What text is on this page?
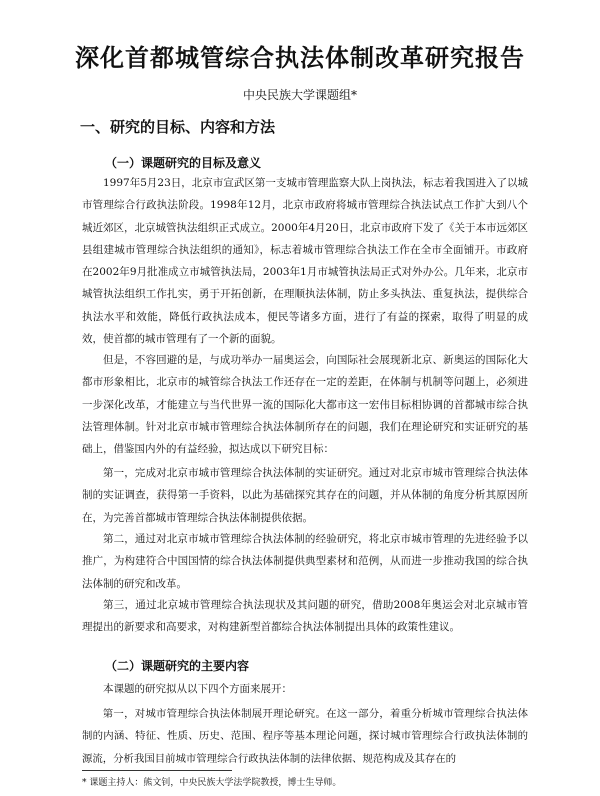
深化首都城管综合执法体制改革研究报告
中央民族大学课题组*
一、研究的目标、内容和方法
（一）课题研究的目标及意义

1997年5月23日，北京市宣武区第一支城市管理监察大队上岗执法，标志着我国进入了以城市管理综合行政执法阶段。1998年12月，北京市政府将城市管理综合执法试点工作扩大到八个城近郊区，北京城管执法组织正式成立。2000年4月20日，北京市政府下发了《关于本市远郊区县组建城市管理综合执法组织的通知》，标志着城市管理综合执法工作在全市全面铺开。市政府在2002年9月批准成立市城管执法局，2003年1月市城管执法局正式对外办公。几年来，北京市城管执法组织工作扎实，勇于开拓创新，在理顺执法体制，防止多头执法、重复执法，提供综合执法水平和效能，降低行政执法成本，便民等诸多方面，进行了有益的探索，取得了明显的成效，使首都的城市管理有了一个新的面貌。

但是，不容回避的是，与成功举办一届奥运会，向国际社会展现新北京、新奥运的国际化大都市形象相比，北京市的城管综合执法工作还存在一定的差距，在体制与机制等问题上，必须进一步深化改革，才能建立与当代世界一流的国际化大都市这一宏伟目标相协调的首都城市综合执法管理体制。针对北京市城市管理综合执法体制所存在的问题，我们在理论研究和实证研究的基础上，借鉴国内外的有益经验，拟达成以下研究目标：

第一，完成对北京市城市管理综合执法体制的实证研究。通过对北京市城市管理综合执法体制的实证调查，获得第一手资料，以此为基础探究其存在的问题，并从体制的角度分析其原因所在，为完善首都城市管理综合执法体制提供依据。

第二，通过对北京市城市管理综合执法体制的经验研究，将北京市城市管理的先进经验予以推广，为构建符合中国国情的综合执法体制提供典型素材和范例，从而进一步推动我国的综合执法体制的研究和改革。

第三，通过北京城市管理综合执法现状及其问题的研究，借助2008年奥运会对北京城市管理提出的新要求和高要求，对构建新型首都综合执法体制提出具体的政策性建议。

（二）课题研究的主要内容

本课题的研究拟从以下四个方面来展开：

第一，对城市管理综合执法体制展开理论研究。在这一部分，着重分析城市管理综合执法体制的内涵、特征、性质、历史、范围、程序等基本理论问题，探讨城市管理综合行政执法体制的源流，分析我国目前城市管理综合行政执法体制的法律依据、规范构成及其存在的

* 课题主持人：熊文钊，中央民族大学法学院教授，博士生导师。
